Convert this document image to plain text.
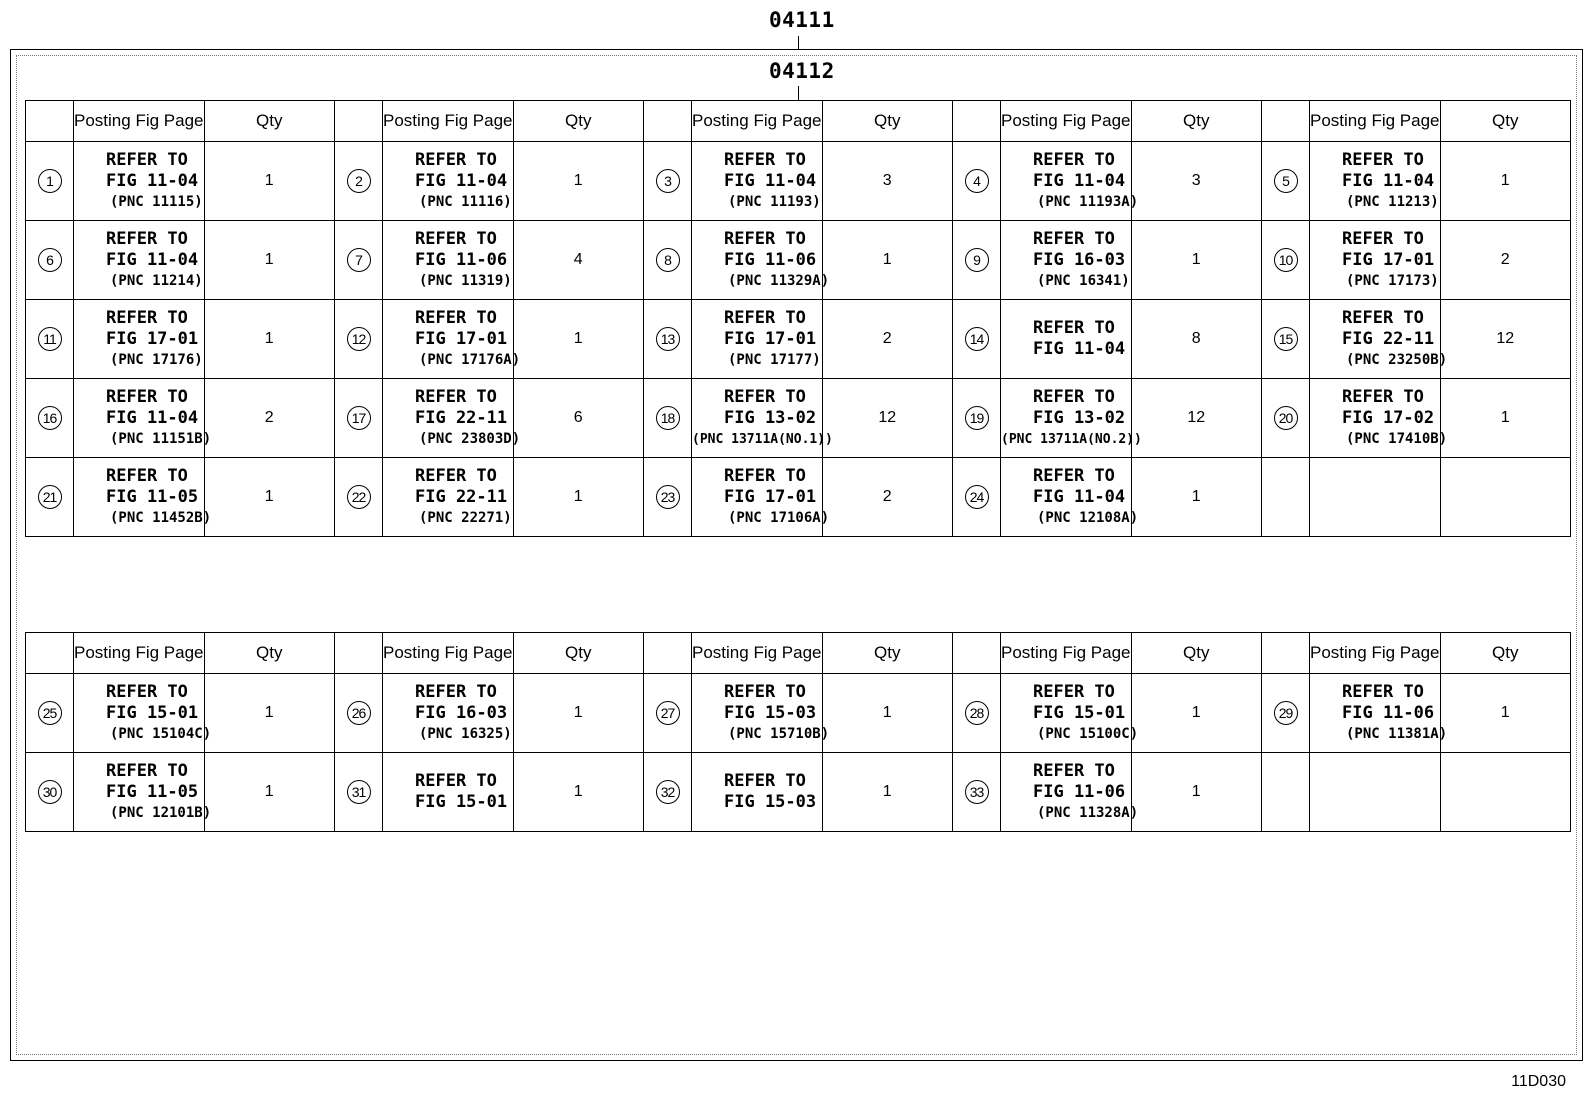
04111
04112
	Posting Fig Page	Qty		Posting Fig Page	Qty		Posting Fig Page	Qty		Posting Fig Page	Qty		Posting Fig Page	Qty
1	REFER TO
FIG 11-04
(PNC 11115)	1	2	REFER TO
FIG 11-04
(PNC 11116)	1	3	REFER TO
FIG 11-04
(PNC 11193)	3	4	REFER TO
FIG 11-04
(PNC 11193A)	3	5	REFER TO
FIG 11-04
(PNC 11213)	1
6	REFER TO
FIG 11-04
(PNC 11214)	1	7	REFER TO
FIG 11-06
(PNC 11319)	4	8	REFER TO
FIG 11-06
(PNC 11329A)	1	9	REFER TO
FIG 16-03
(PNC 16341)	1	10	REFER TO
FIG 17-01
(PNC 17173)	2
11	REFER TO
FIG 17-01
(PNC 17176)	1	12	REFER TO
FIG 17-01
(PNC 17176A)	1	13	REFER TO
FIG 17-01
(PNC 17177)	2	14	REFER TO
FIG 11-04	8	15	REFER TO
FIG 22-11
(PNC 23250B)	12
16	REFER TO
FIG 11-04
(PNC 11151B)	2	17	REFER TO
FIG 22-11
(PNC 23803D)	6	18	REFER TO
FIG 13-02
(PNC 13711A(NO.1))	12	19	REFER TO
FIG 13-02
(PNC 13711A(NO.2))	12	20	REFER TO
FIG 17-02
(PNC 17410B)	1
21	REFER TO
FIG 11-05
(PNC 11452B)	1	22	REFER TO
FIG 22-11
(PNC 22271)	1	23	REFER TO
FIG 17-01
(PNC 17106A)	2	24	REFER TO
FIG 11-04
(PNC 12108A)	1			
	Posting Fig Page	Qty		Posting Fig Page	Qty		Posting Fig Page	Qty		Posting Fig Page	Qty		Posting Fig Page	Qty
25	REFER TO
FIG 15-01
(PNC 15104C)	1	26	REFER TO
FIG 16-03
(PNC 16325)	1	27	REFER TO
FIG 15-03
(PNC 15710B)	1	28	REFER TO
FIG 15-01
(PNC 15100C)	1	29	REFER TO
FIG 11-06
(PNC 11381A)	1
30	REFER TO
FIG 11-05
(PNC 12101B)	1	31	REFER TO
FIG 15-01	1	32	REFER TO
FIG 15-03	1	33	REFER TO
FIG 11-06
(PNC 11328A)	1			
11D030
